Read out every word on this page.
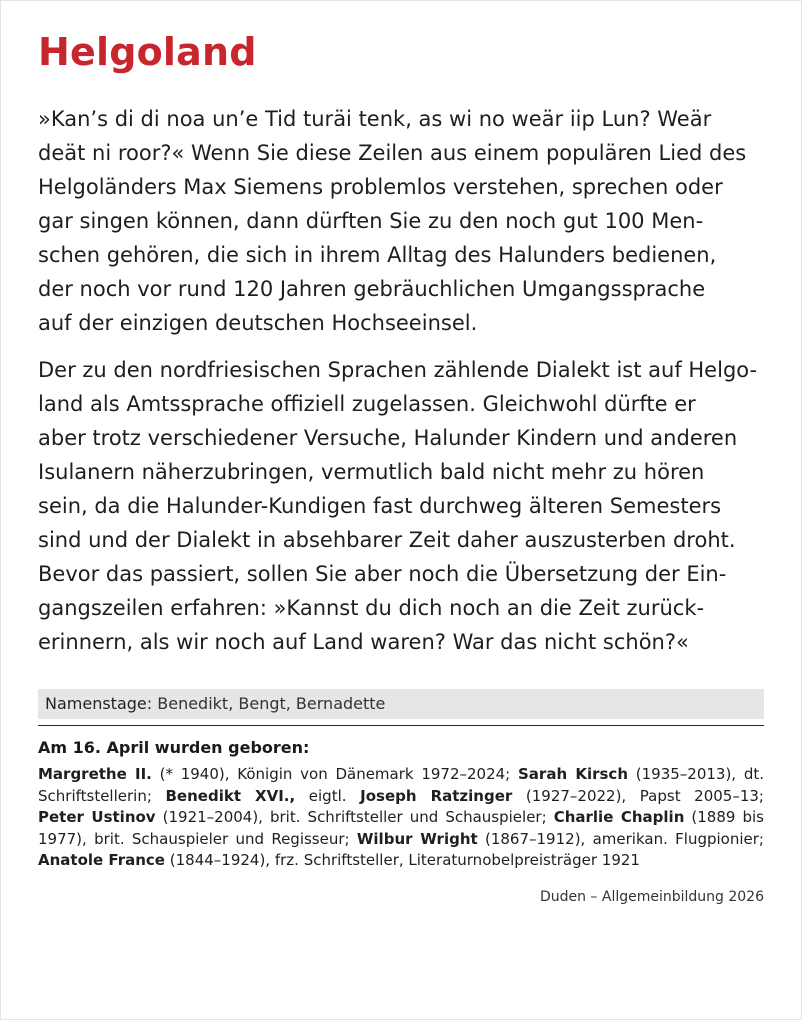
Helgoland
»Kan’s di di noa un’e Tid turäi tenk, as wi no weär iip Lun? Weär
deät ni roor?« Wenn Sie diese Zeilen aus einem populären Lied des
Helgoländers Max Siemens problemlos verstehen, sprechen oder
gar singen können, dann dürften Sie zu den noch gut 100 Men-
schen gehören, die sich in ihrem Alltag des Halunders bedienen,
der noch vor rund 120 Jahren gebräuchlichen Umgangssprache
auf der einzigen deutschen Hochseeinsel.
Der zu den nordfriesischen Sprachen zählende Dialekt ist auf Helgo-
land als Amtssprache offiziell zugelassen. Gleichwohl dürfte er
aber trotz verschiedener Versuche, Halunder Kindern und anderen
Isulanern näherzubringen, vermutlich bald nicht mehr zu hören
sein, da die Halunder-Kundigen fast durchweg älteren Semesters
sind und der Dialekt in absehbarer Zeit daher auszusterben droht.
Bevor das passiert, sollen Sie aber noch die Übersetzung der Ein-
gangszeilen erfahren: »Kannst du dich noch an die Zeit zurück-
erinnern, als wir noch auf Land waren? War das nicht schön?«
Namenstage: Benedikt, Bengt, Bernadette
Am 16. April wurden geboren:
Margrethe II. (* 1940), Königin von Dänemark 1972–2024; Sarah Kirsch (1935–2013), dt.
Schriftstellerin; Benedikt XVI., eigtl. Joseph Ratzinger (1927–2022), Papst 2005–13;
Peter Ustinov (1921–2004), brit. Schriftsteller und Schauspieler; Charlie Chaplin (1889 bis
1977), brit. Schauspieler und Regisseur; Wilbur Wright (1867–1912), amerikan. Flugpionier;
Anatole France (1844–1924), frz. Schriftsteller, Literaturnobelpreisträger 1921
Duden – Allgemeinbildung 2026
